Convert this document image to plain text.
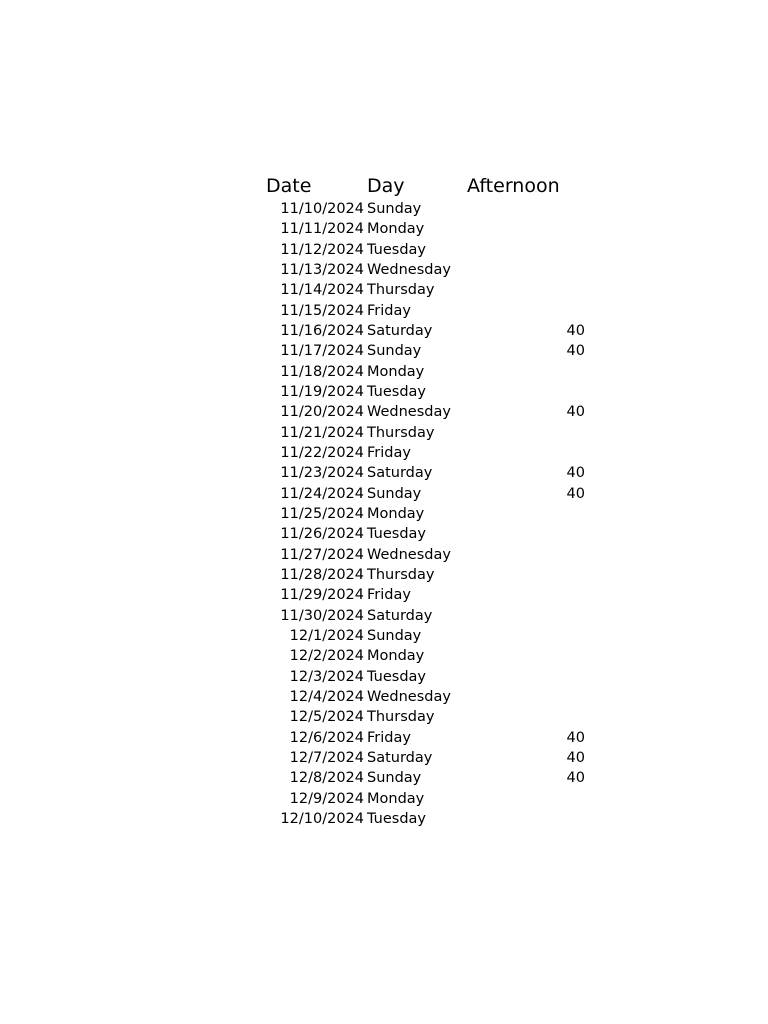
Date	Day	Afternoon
11/10/2024 Sunday
11/11/2024 Monday
11/12/2024 Tuesday
11/13/2024 Wednesday
11/14/2024 Thursday
11/15/2024 Friday
11/16/2024 Saturday	40
11/17/2024 Sunday	40
11/18/2024 Monday
11/19/2024 Tuesday
11/20/2024 Wednesday	40
11/21/2024 Thursday
11/22/2024 Friday
11/23/2024 Saturday	40
11/24/2024 Sunday	40
11/25/2024 Monday
11/26/2024 Tuesday
11/27/2024 Wednesday
11/28/2024 Thursday
11/29/2024 Friday
11/30/2024 Saturday
12/1/2024 Sunday
12/2/2024 Monday
12/3/2024 Tuesday
12/4/2024 Wednesday
12/5/2024 Thursday
12/6/2024 Friday	40
12/7/2024 Saturday	40
12/8/2024 Sunday	40
12/9/2024 Monday
12/10/2024 Tuesday
